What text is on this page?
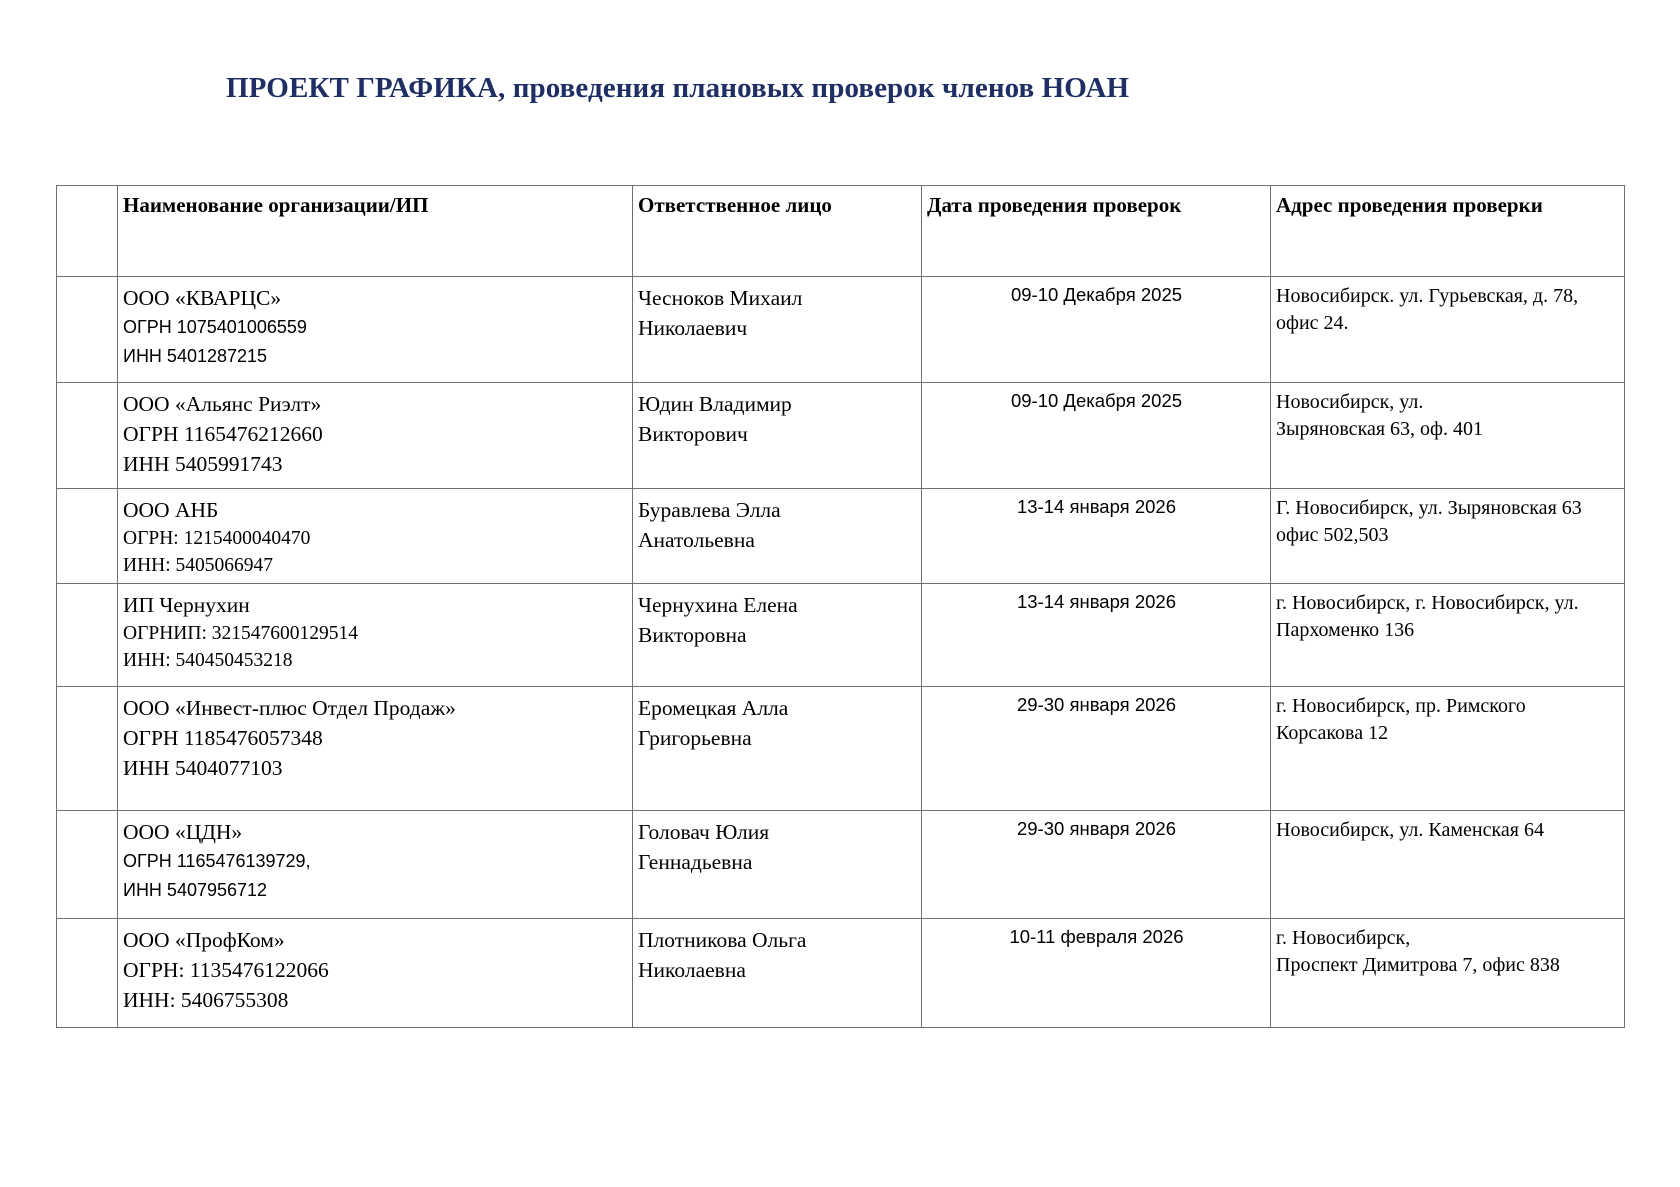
ПРОЕКТ ГРАФИКА, проведения плановых проверок членов НОАН
	Наименование организации/ИП	Ответственное лицо	Дата проведения проверок	Адрес проведения проверки

	ООО «КВАРЦС»
ОГРН 1075401006559
ИНН 5401287215	Чесноков Михаил
Николаевич	09-10 Декабря 2025	Новосибирск. ул. Гурьевская, д. 78,
офис 24.

	ООО «Альянс Риэлт»
ОГРН 1165476212660
ИНН 5405991743	Юдин Владимир
Викторович	09-10 Декабря 2025	Новосибирск, ул.
Зыряновская 63, оф. 401

	ООО АНБ
ОГРН: 1215400040470
ИНН: 5405066947	Буравлева Элла
Анатольевна	13-14 января 2026	Г. Новосибирск, ул. Зыряновская 63
офис 502,503

	ИП Чернухин
ОГРНИП: 321547600129514
ИНН: 540450453218	Чернухина Елена
Викторовна	13-14 января 2026	г. Новосибирск, г. Новосибирск, ул.
Пархоменко 136

	ООО «Инвест-плюс Отдел Продаж»
ОГРН 1185476057348
ИНН 5404077103	Еромецкая Алла
Григорьевна	29-30 января 2026	г. Новосибирск, пр. Римского
Корсакова 12

	ООО «ЦДН»
ОГРН 1165476139729,
ИНН 5407956712	Головач Юлия
Геннадьевна	29-30 января 2026	Новосибирск, ул. Каменская 64

	ООО «ПрофКом»
ОГРН: 1135476122066
ИНН: 5406755308	Плотникова Ольга
Николаевна	10-11 февраля 2026	г. Новосибирск,
Проспект Димитрова 7, офис 838
